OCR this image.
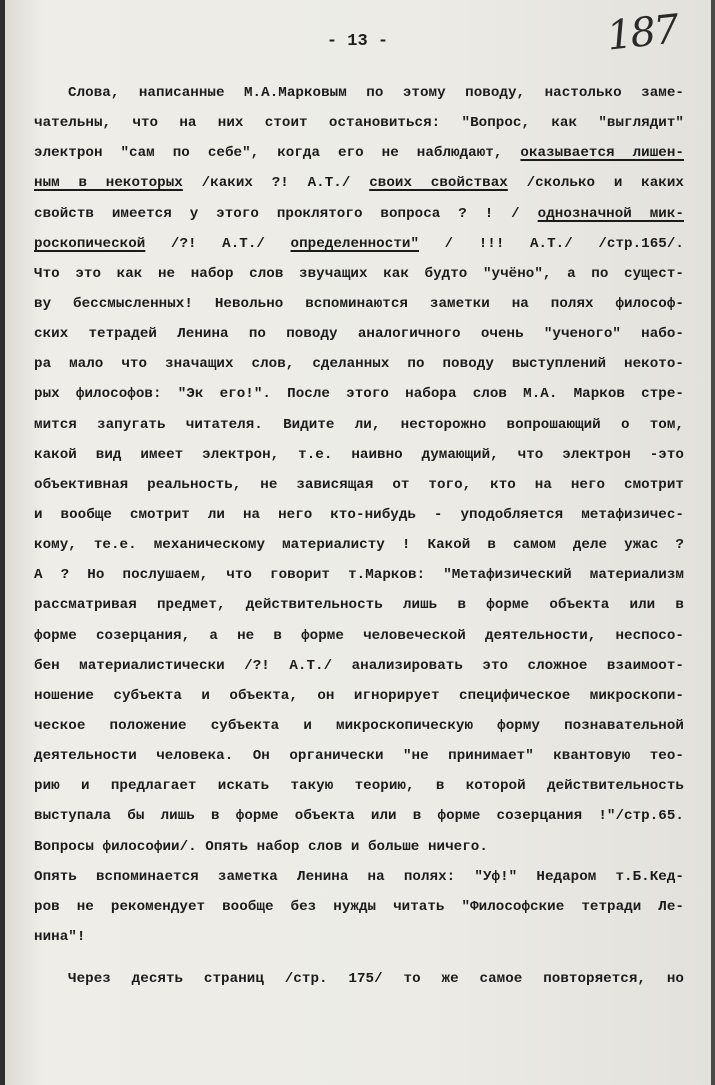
- 13 -	187
Слова, написанные М.А.Марковым по этому поводу, настолько заме-
чательны, что на них стоит остановиться: "Вопрос, как "выглядит"
электрон "сам по себе", когда его не наблюдают, оказывается лишен-
ным в некоторых /каких ?! А.Т./ своих свойствах /сколько и каких
свойств имеется у этого проклятого вопроса ? ! / однозначной мик-
роскопической /?! А.Т./ определенности" / !!! А.Т./ /стр.165/.
Что это как не набор слов звучащих как будто "учёно", а по сущест-
ву бессмысленных! Невольно вспоминаются заметки на полях философ-
ских тетрадей Ленина по поводу аналогичного очень "ученого" набо-
ра мало что значащих слов, сделанных по поводу выступлений некото-
рых философов: "Эк его!". После этого набора слов М.А. Марков стре-
мится запугать читателя. Видите ли, несторожно вопрошающий о том,
какой вид имеет электрон, т.е. наивно думающий, что электрон -это
объективная реальность, не зависящая от того, кто на него смотрит
и вообще смотрит ли на него кто-нибудь - уподобляется метафизичес-
кому, те.е. механическому материалисту ! Какой в самом деле ужас ?
А ? Но послушаем, что говорит т.Марков: "Метафизический материализм
рассматривая предмет, действительность лишь в форме объекта или в
форме созерцания, а не в форме человеческой деятельности, неспосо-
бен материалистически /?! А.Т./ анализировать это сложное взаимоот-
ношение субъекта и объекта, он игнорирует специфическое микроскопи-
ческое положение субъекта и микроскопическую форму познавательной
деятельности человека. Он органически "не принимает" квантовую тео-
рию и предлагает искать такую теорию, в которой действительность
выступала бы лишь в форме объекта или в форме созерцания !"/стр.65.
Вопросы философии/. Опять набор слов и больше ничего.
Опять вспоминается заметка Ленина на полях: "Уф!" Недаром т.Б.Кед-
ров не рекомендует вообще без нужды читать "Философские тетради Ле-
нина"!
Через десять страниц /стр. 175/ то же самое повторяется, но
